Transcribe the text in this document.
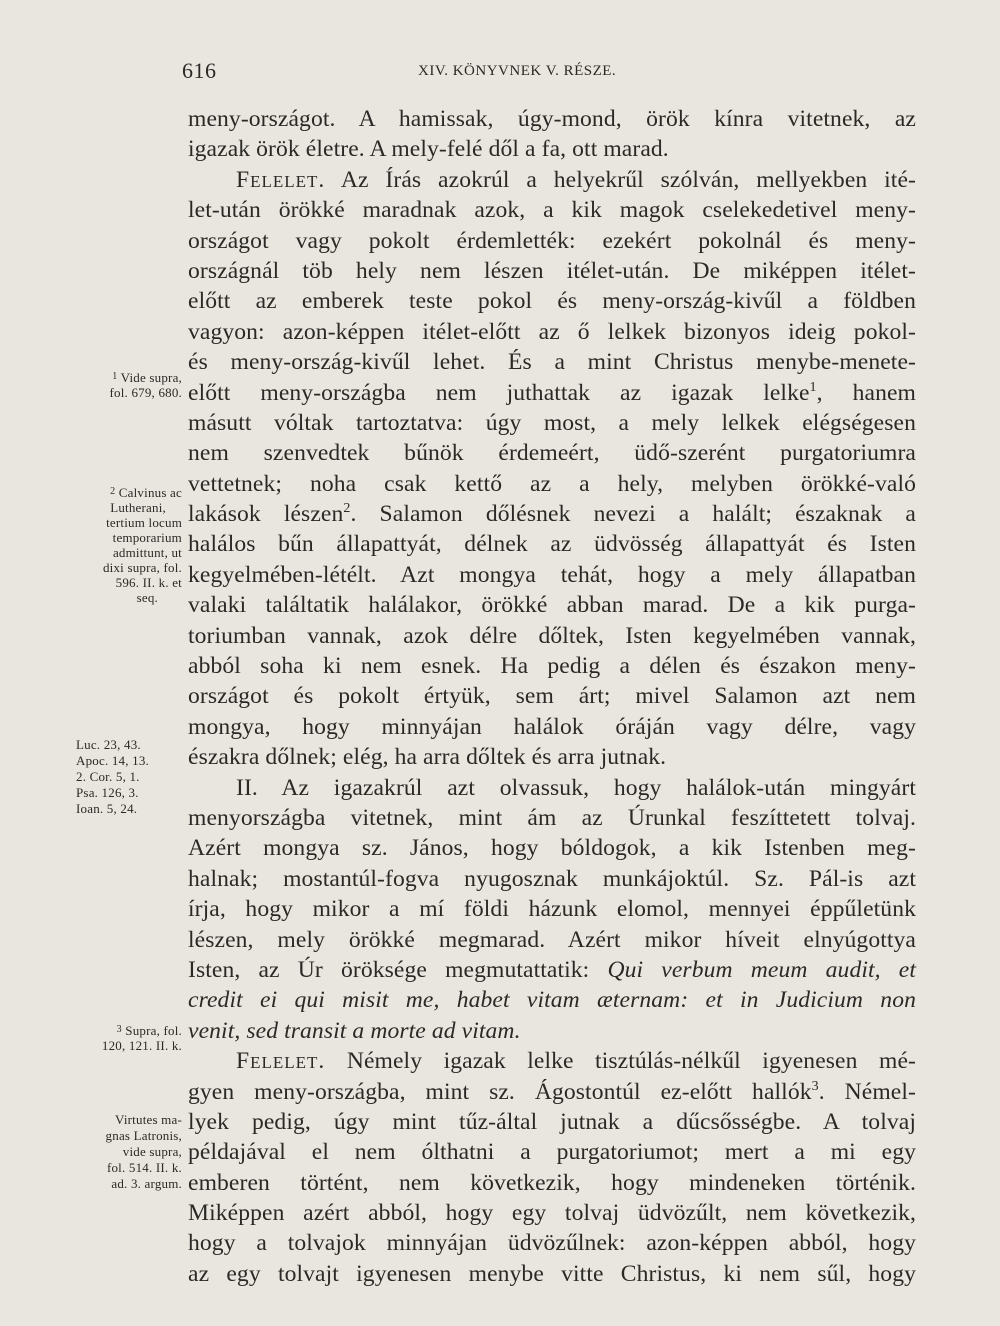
616	XIV. KÖNYVNEK V. RÉSZE.
meny-országot. A hamissak, úgy-mond, örök kínra vitetnek, az
igazak örök életre. A mely-felé dől a fa, ott marad.
Felelet. Az Írás azokrúl a helyekrűl szólván, mellyekben ité-
let-után örökké maradnak azok, a kik magok cselekedetivel meny-
országot vagy pokolt érdemlették: ezekért pokolnál és meny-
országnál töb hely nem lészen itélet-után. De miképpen itélet-
előtt az emberek teste pokol és meny-ország-kivűl a földben
vagyon: azon-képpen itélet-előtt az ő lelkek bizonyos ideig pokol-
és meny-ország-kivűl lehet. És a mint Christus menybe-menete-
előtt meny-országba nem juthattak az igazak lelke$^1$, hanem
másutt vóltak tartoztatva: úgy most, a mely lelkek elégségesen
nem szenvedtek bűnök érdemeért, üdő-szerént purgatoriumra
vettetnek; noha csak kettő az a hely, melyben örökké-való
lakások lészen$^2$. Salamon dőlésnek nevezi a halált; északnak a
halálos bűn állapattyát, délnek az üdvösség állapattyát és Isten
kegyelmében-létélt. Azt mongya tehát, hogy a mely állapatban
valaki találtatik halálakor, örökké abban marad. De a kik purga-
toriumban vannak, azok délre dőltek, Isten kegyelmében vannak,
abból soha ki nem esnek. Ha pedig a délen és északon meny-
országot és pokolt értyük, sem árt; mivel Salamon azt nem
mongya, hogy minnyájan halálok óráján vagy délre, vagy
északra dőlnek; elég, ha arra dőltek és arra jutnak.
II. Az igazakrúl azt olvassuk, hogy halálok-után mingyárt
menyországba vitetnek, mint ám az Úrunkal feszíttetett tolvaj.
Azért mongya sz. János, hogy bóldogok, a kik Istenben meg-
halnak; mostantúl-fogva nyugosznak munkájoktúl. Sz. Pál-is azt
írja, hogy mikor a mí földi házunk elomol, mennyei éppűletünk
lészen, mely örökké megmarad. Azért mikor híveit elnyúgottya
Isten, az Úr öröksége megmutattatik: Qui verbum meum audit, et
credit ei qui misit me, habet vitam æternam: et in Judicium non
venit, sed transit a morte ad vitam.
Felelet. Némely igazak lelke tisztúlás-nélkűl igyenesen mé-
gyen meny-országba, mint sz. Ágostontúl ez-előtt hallók$^3$. Némel-
lyek pedig, úgy mint tűz-által jutnak a dűcsősségbe. A tolvaj
példajával el nem ólthatni a purgatoriumot; mert a mi egy
emberen történt, nem következik, hogy mindeneken történik.
Miképpen azért abból, hogy egy tolvaj üdvözűlt, nem következik,
hogy a tolvajok minnyájan üdvözűlnek: azon-képpen abból, hogy
az egy tolvajt igyenesen menybe vitte Christus, ki nem sűl, hogy
$^1$ Vide supra,
fol. 679, 680.
$^2$ Calvinus ac
Lutherani,
tertium locum
temporarium
admittunt, ut
dixi supra, fol.
596. II. k. et
seq.
Luc. 23, 43.
Apoc. 14, 13.
2. Cor. 5, 1.
Psa. 126, 3.
Ioan. 5, 24.
$^3$ Supra, fol.
120, 121. II. k.
Virtutes ma-
gnas Latronis,
vide supra,
fol. 514. II. k.
ad. 3. argum.
